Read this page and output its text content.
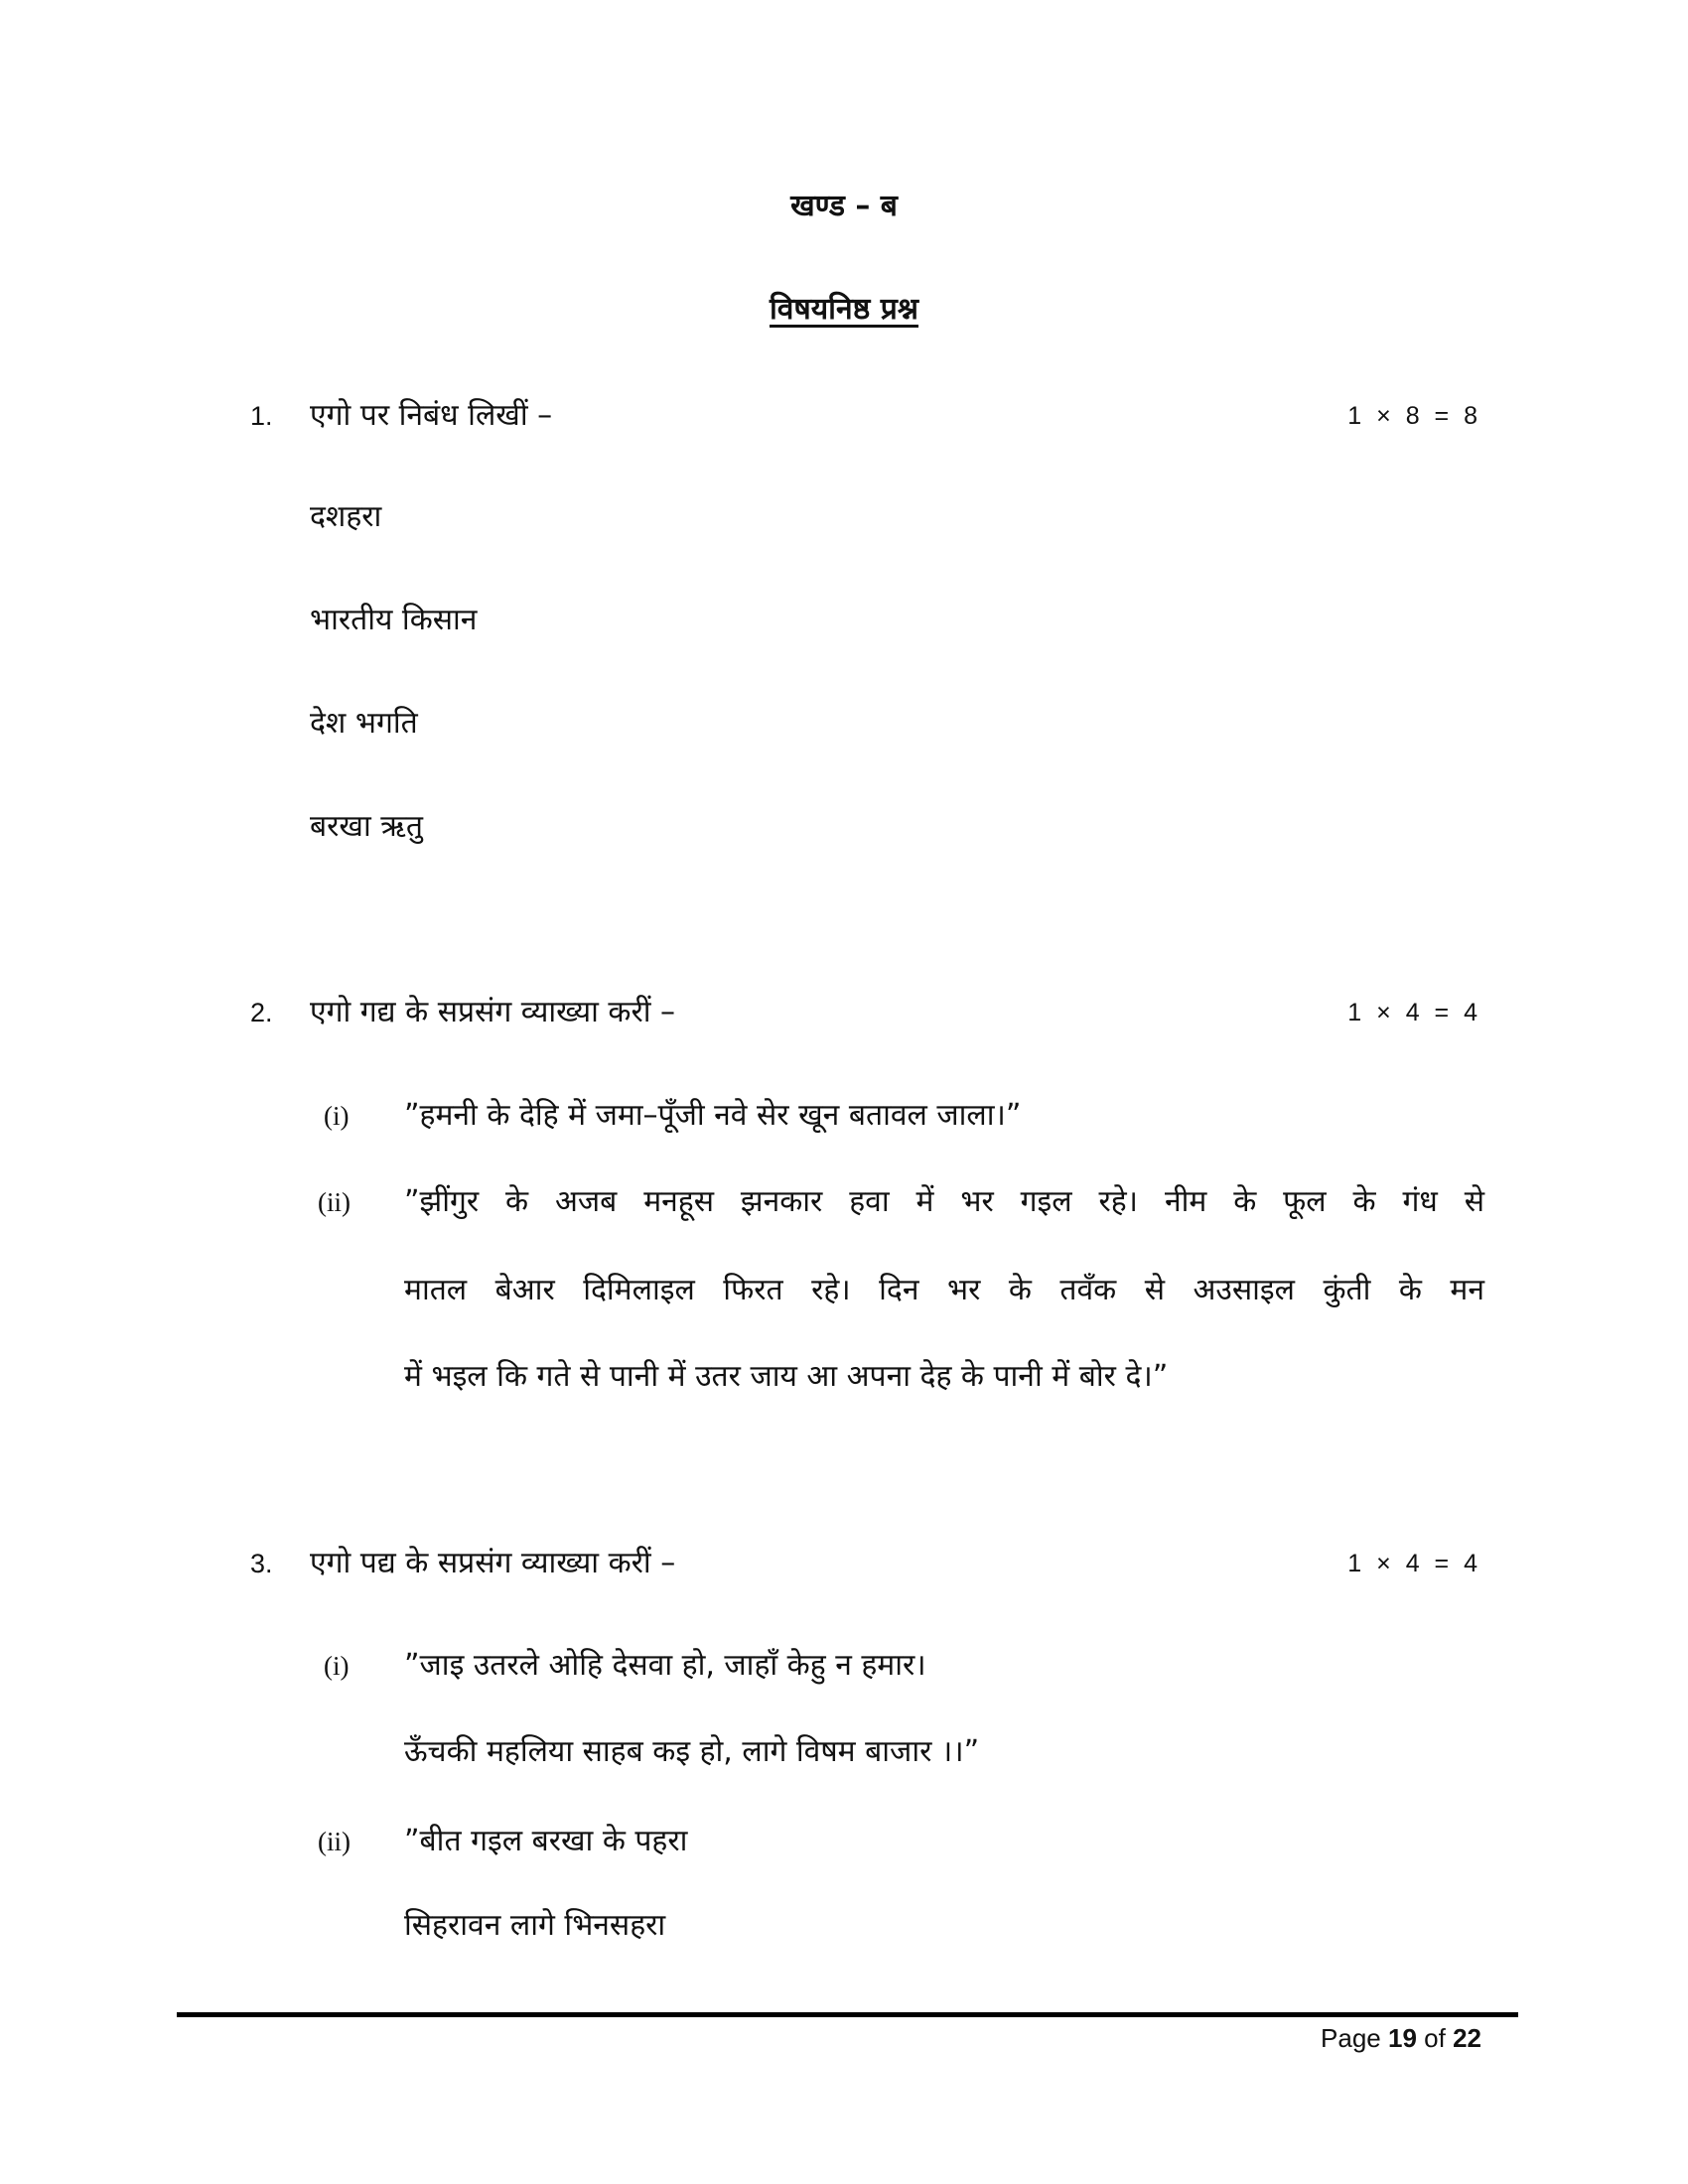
खण्ड – ब
विषयनिष्ठ प्रश्न
1. एगो पर निबंध लिखीं –	1 × 8 = 8
दशहरा
भारतीय किसान
देश भगति
बरखा ऋतु
2. एगो गद्य के सप्रसंग व्याख्या करीं –	1 × 4 = 4
(i) ”हमनी के देहि में जमा–पूँजी नवे सेर खून बतावल जाला।”
(ii) ”झींगुर के अजब मनहूस झनकार हवा में भर गइल रहे। नीम के फूल के गंध से
मातल बेआर दिमिलाइल फिरत रहे। दिन भर के तवँक से अउसाइल कुंती के मन
में भइल कि गते से पानी में उतर जाय आ अपना देह के पानी में बोर दे।”
3. एगो पद्य के सप्रसंग व्याख्या करीं –	1 × 4 = 4
(i) ”जाइ उतरले ओहि देसवा हो, जाहाँ केहु न हमार।
ऊँचकी महलिया साहब कइ हो, लागे विषम बाजार ।।”
(ii) ”बीत गइल बरखा के पहरा
सिहरावन लागे भिनसहरा
Page 19 of 22
